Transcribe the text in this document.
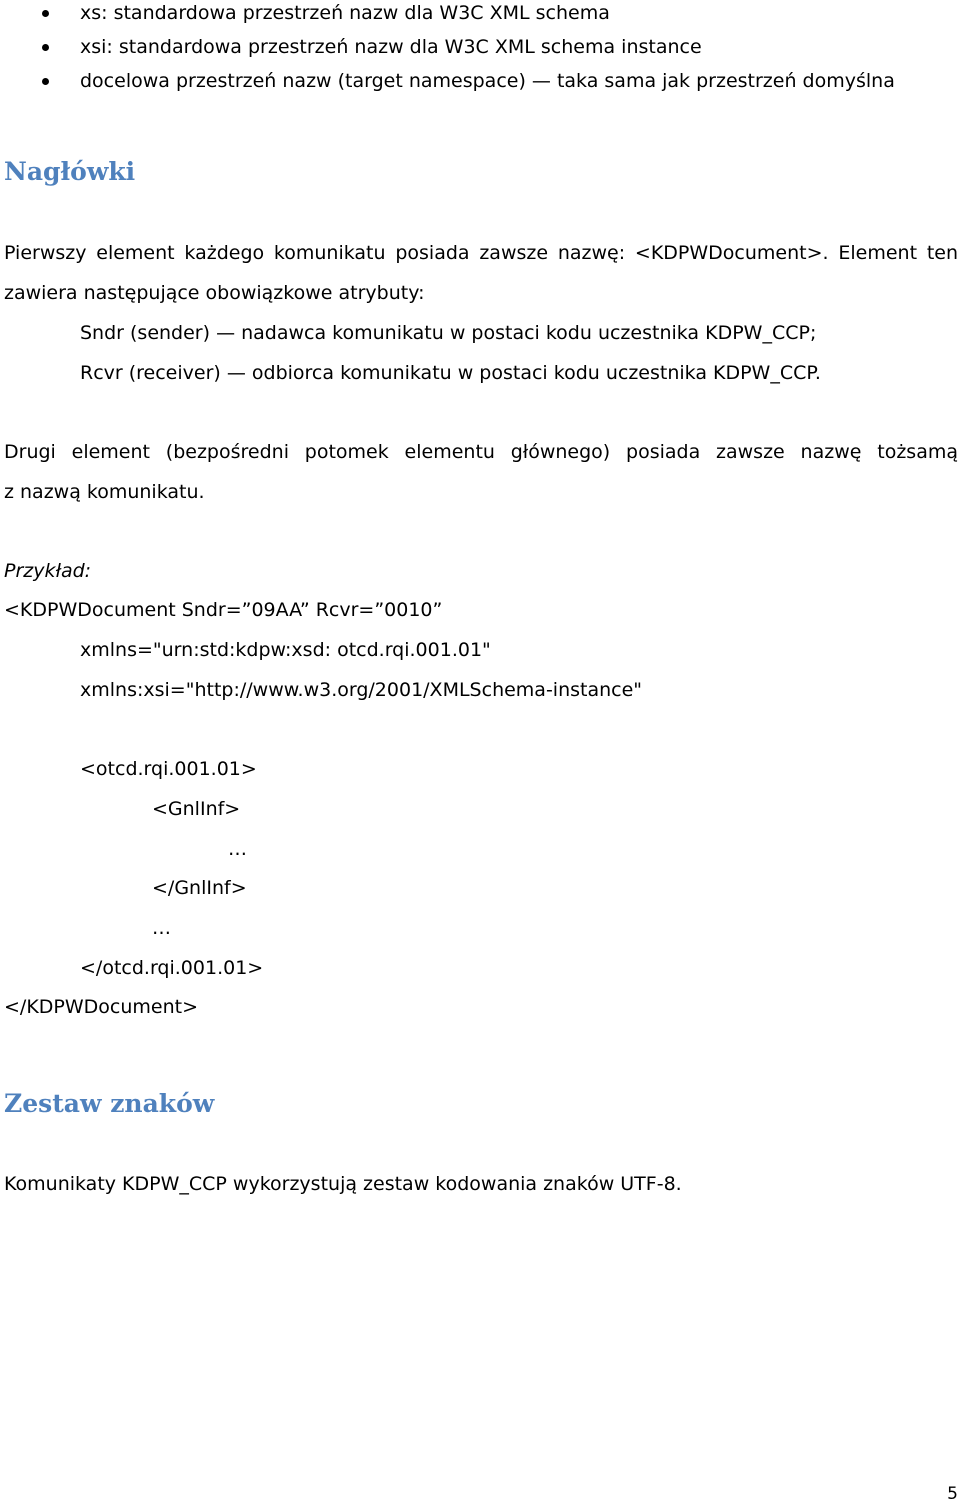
xs: standardowa przestrzeń nazw dla W3C XML schema
xsi: standardowa przestrzeń nazw dla W3C XML schema instance
docelowa przestrzeń nazw (target namespace) — taka sama jak przestrzeń domyślna
Nagłówki
Pierwszy element każdego komunikatu posiada zawsze nazwę: <KDPWDocument>. Element ten
zawiera następujące obowiązkowe atrybuty:
Sndr (sender) — nadawca komunikatu w postaci kodu uczestnika KDPW_CCP;
Rcvr (receiver) — odbiorca komunikatu w postaci kodu uczestnika KDPW_CCP.
Drugi element (bezpośredni potomek elementu głównego) posiada zawsze nazwę tożsamą
z nazwą komunikatu.
Przykład:
<KDPWDocument Sndr=”09AA” Rcvr=”0010”
xmlns="urn:std:kdpw:xsd: otcd.rqi.001.01"
xmlns:xsi="http://www.w3.org/2001/XMLSchema-instance"
<otcd.rqi.001.01>
<GnlInf>
…
</GnlInf>
…
</otcd.rqi.001.01>
</KDPWDocument>
Zestaw znaków
Komunikaty KDPW_CCP wykorzystują zestaw kodowania znaków UTF-8.
5
